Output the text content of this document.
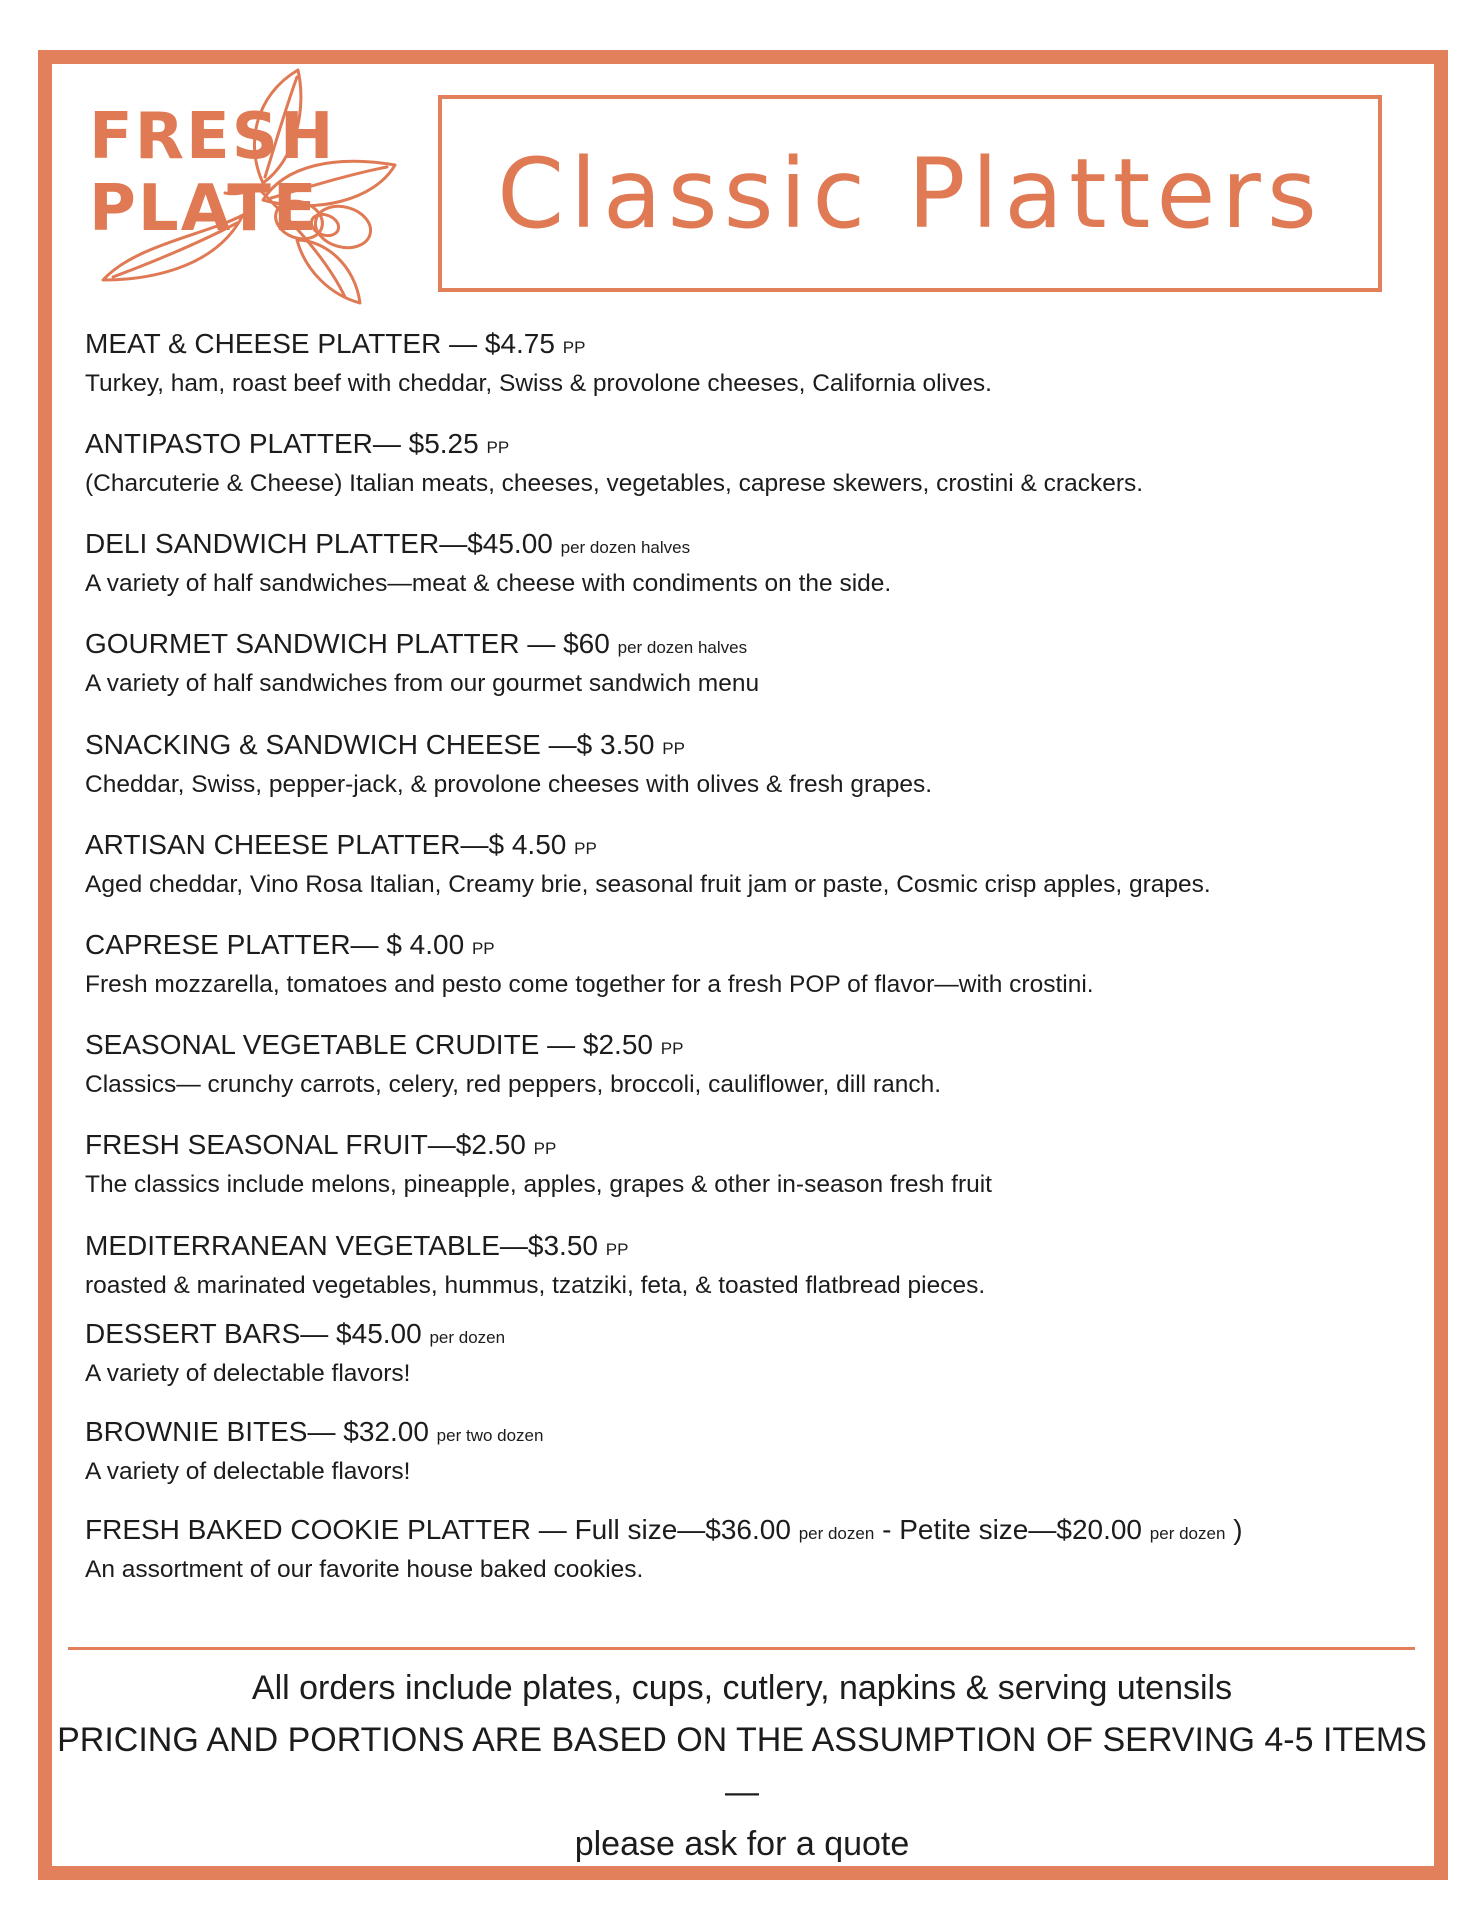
FRESH
PLATE Classic Platters
MEAT & CHEESE PLATTER — $4.75 PP
Turkey, ham, roast beef with cheddar, Swiss & provolone cheeses, California olives.
ANTIPASTO PLATTER— $5.25 PP
(Charcuterie & Cheese) Italian meats, cheeses, vegetables, caprese skewers, crostini & crackers.
DELI SANDWICH PLATTER—$45.00 per dozen halves
A variety of half sandwiches—meat & cheese with condiments on the side.
GOURMET SANDWICH PLATTER — $60 per dozen halves
A variety of half sandwiches from our gourmet sandwich menu
SNACKING & SANDWICH CHEESE —$ 3.50 PP
Cheddar, Swiss, pepper-jack, & provolone cheeses with olives & fresh grapes.
ARTISAN CHEESE PLATTER—$ 4.50 PP
Aged cheddar, Vino Rosa Italian, Creamy brie, seasonal fruit jam or paste, Cosmic crisp apples, grapes.
CAPRESE PLATTER— $ 4.00 PP
Fresh mozzarella, tomatoes and pesto come together for a fresh POP of flavor—with crostini.
SEASONAL VEGETABLE CRUDITE — $2.50 PP
Classics— crunchy carrots, celery, red peppers, broccoli, cauliflower, dill ranch.
FRESH SEASONAL FRUIT—$2.50 PP
The classics include melons, pineapple, apples, grapes & other in-season fresh fruit
MEDITERRANEAN VEGETABLE—$3.50 PP
roasted & marinated vegetables, hummus, tzatziki, feta, & toasted flatbread pieces.
DESSERT BARS— $45.00 per dozen
A variety of delectable flavors!
BROWNIE BITES— $32.00 per two dozen
A variety of delectable flavors!
FRESH BAKED COOKIE PLATTER — Full size—$36.00 per dozen - Petite size—$20.00 per dozen )
An assortment of our favorite house baked cookies.
All orders include plates, cups, cutlery, napkins & serving utensils
PRICING AND PORTIONS ARE BASED ON THE ASSUMPTION OF SERVING 4-5 ITEMS—
please ask for a quote
